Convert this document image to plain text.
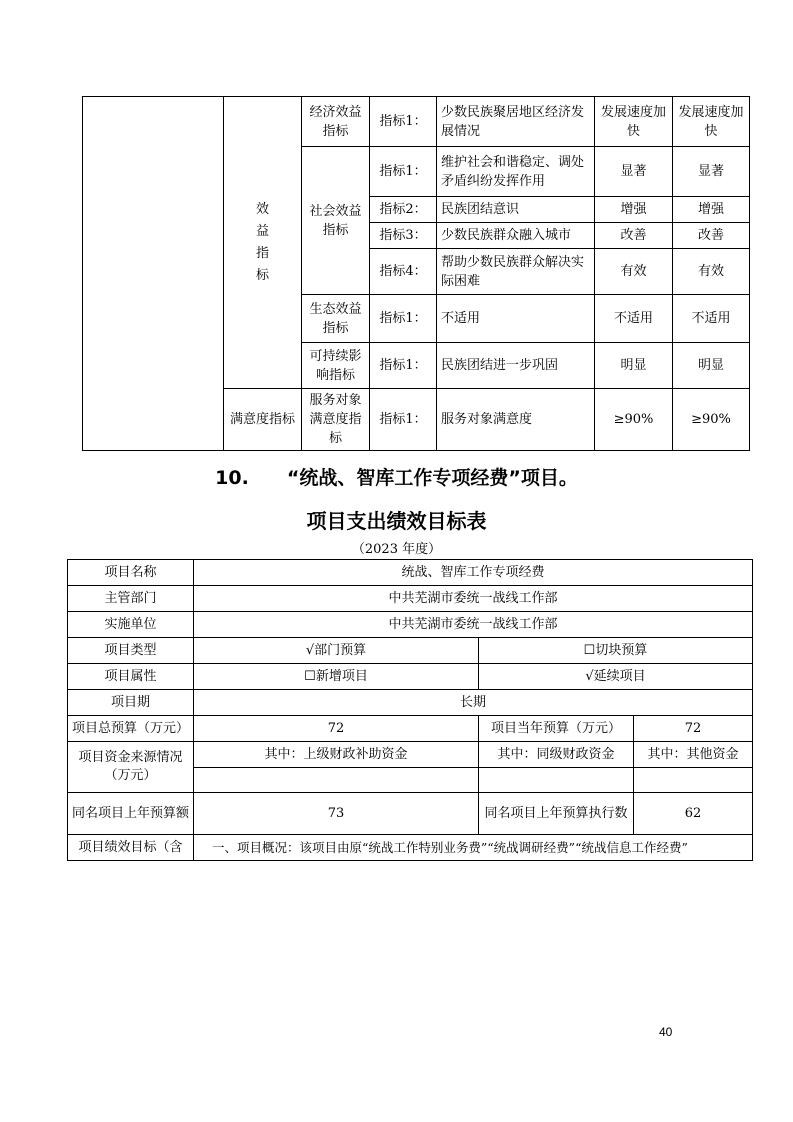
	效益指标	经济效益指标	指标1：	少数民族聚居地区经济发展情况	发展速度加快	发展速度加快
		社会效益指标	指标1：	维护社会和谐稳定、调处矛盾纠纷发挥作用	显著	显著
			指标2：	民族团结意识	增强	增强
			指标3：	少数民族群众融入城市	改善	改善
			指标4：	帮助少数民族群众解决实际困难	有效	有效
		生态效益指标	指标1：	不适用	不适用	不适用
		可持续影响指标	指标1：	民族团结进一步巩固	明显	明显
	满意度指标	服务对象满意度指标	指标1：	服务对象满意度	≥90%	≥90%
10. “统战、智库工作专项经费”项目。
项目支出绩效目标表
（2023 年度）
项目名称	统战、智库工作专项经费		
主管部门	中共芜湖市委统一战线工作部		
实施单位	中共芜湖市委统一战线工作部		
项目类型	√部门预算	☐切块预算	
项目属性	☐新增项目	√延续项目	
项目期	长期		
项目总预算（万元）	72	项目当年预算（万元）	72
项目资金来源情况（万元）	其中：上级财政补助资金	其中：同级财政资金	其中：其他资金

同名项目上年预算额	73	同名项目上年预算执行数	62
项目绩效目标（含	一、项目概况：该项目由原“统战工作特别业务费”“统战调研经费”“统战信息工作经费”		
40
